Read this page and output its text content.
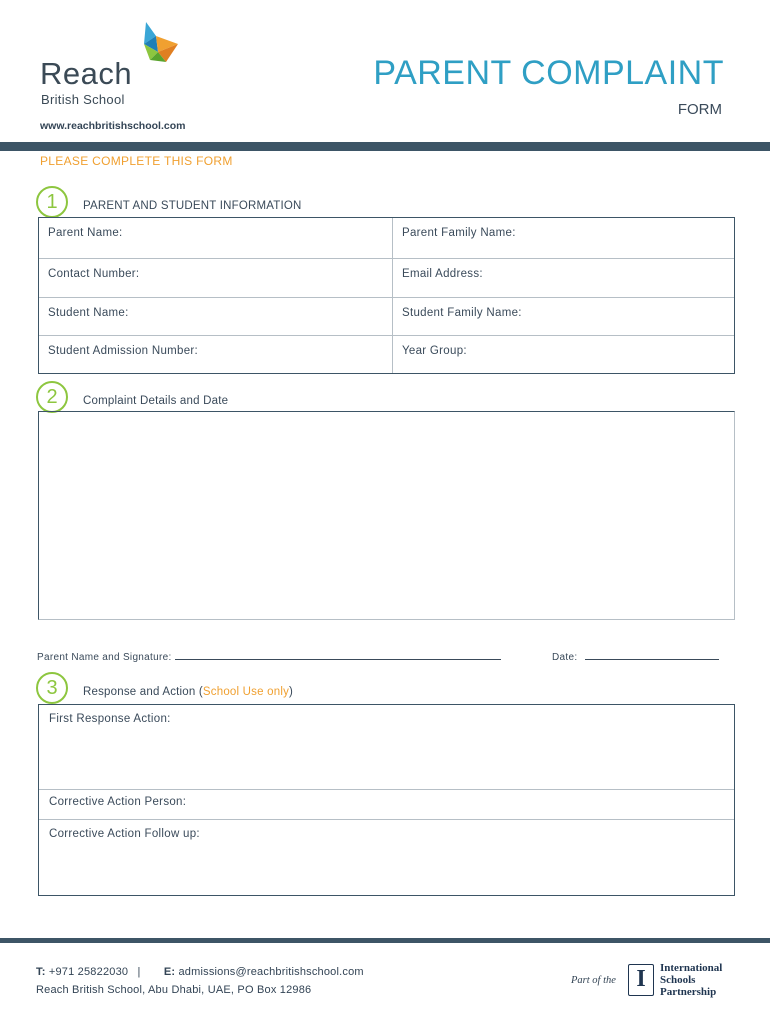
Reach
British School
www.reachbritishschool.com
PARENT COMPLAINT
FORM
PLEASE COMPLETE THIS FORM
1	PARENT AND STUDENT INFORMATION
Parent Name:	Parent Family Name:
Contact Number:	Email Address:
Student Name:	Student Family Name:
Student Admission Number:	Year Group:
2	Complaint Details and Date
Parent Name and Signature:	Date:
3	Response and Action (School Use only)
First Response Action:
Corrective Action Person:
Corrective Action Follow up:
T: +971 25822030 | E: admissions@reachbritishschool.com
Reach British School, Abu Dhabi, UAE, PO Box 12986
Part of the I	International
Schools
Partnership
